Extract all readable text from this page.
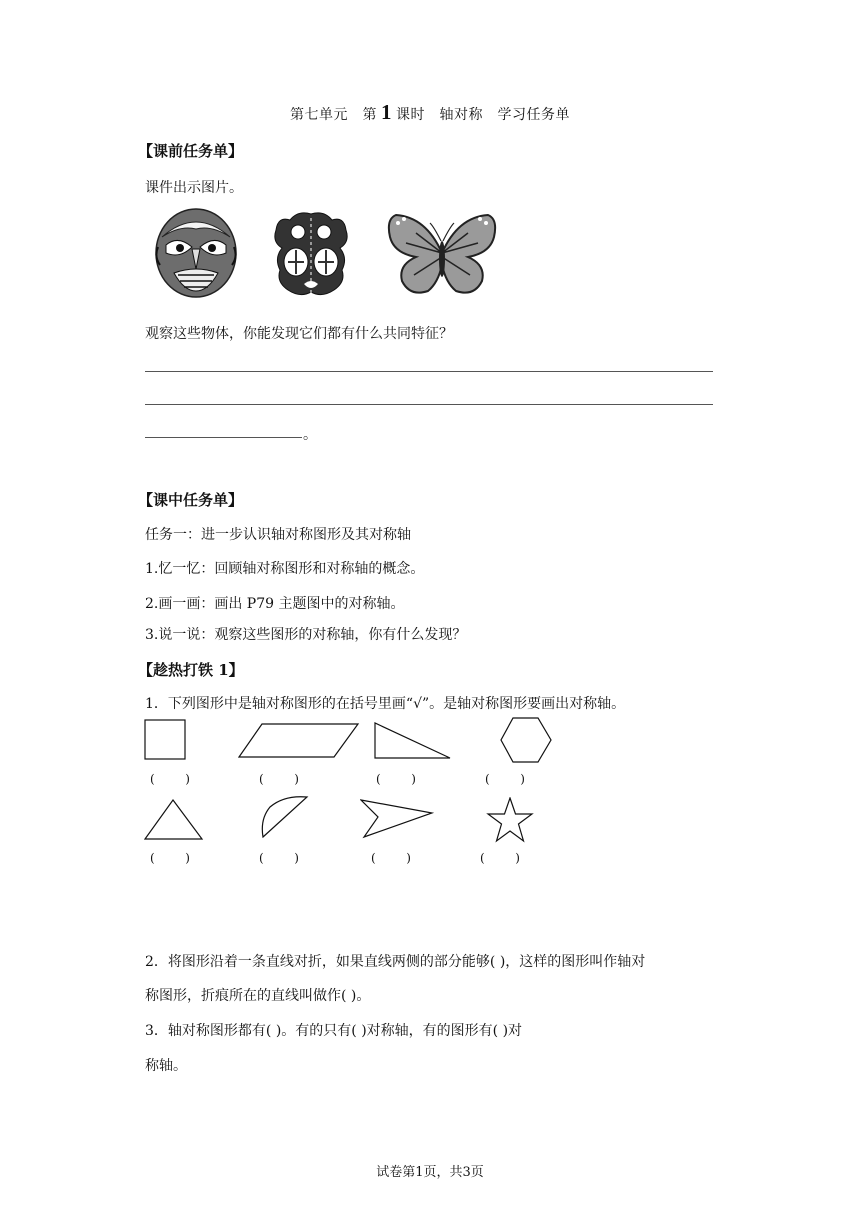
第七单元　第 1 课时　轴对称　学习任务单
【课前任务单】
课件出示图片。
观察这些物体，你能发现它们都有什么共同特征？
。
【课中任务单】
任务一：进一步认识轴对称图形及其对称轴
1.忆一忆：回顾轴对称图形和对称轴的概念。
2.画一画：画出 P79 主题图中的对称轴。
3.说一说：观察这些图形的对称轴，你有什么发现？
【趁热打铁 1】
1．下列图形中是轴对称图形的在括号里画“√”。是轴对称图形要画出对称轴。
(        )	(        )	(        )	(        )
(        )	(        )	(        )	(        )
2．将图形沿着一条直线对折，如果直线两侧的部分能够( )，这样的图形叫作轴对
称图形，折痕所在的直线叫做作( )。
3．轴对称图形都有( )。有的只有( )对称轴，有的图形有( )对
称轴。
试卷第1页，共3页
